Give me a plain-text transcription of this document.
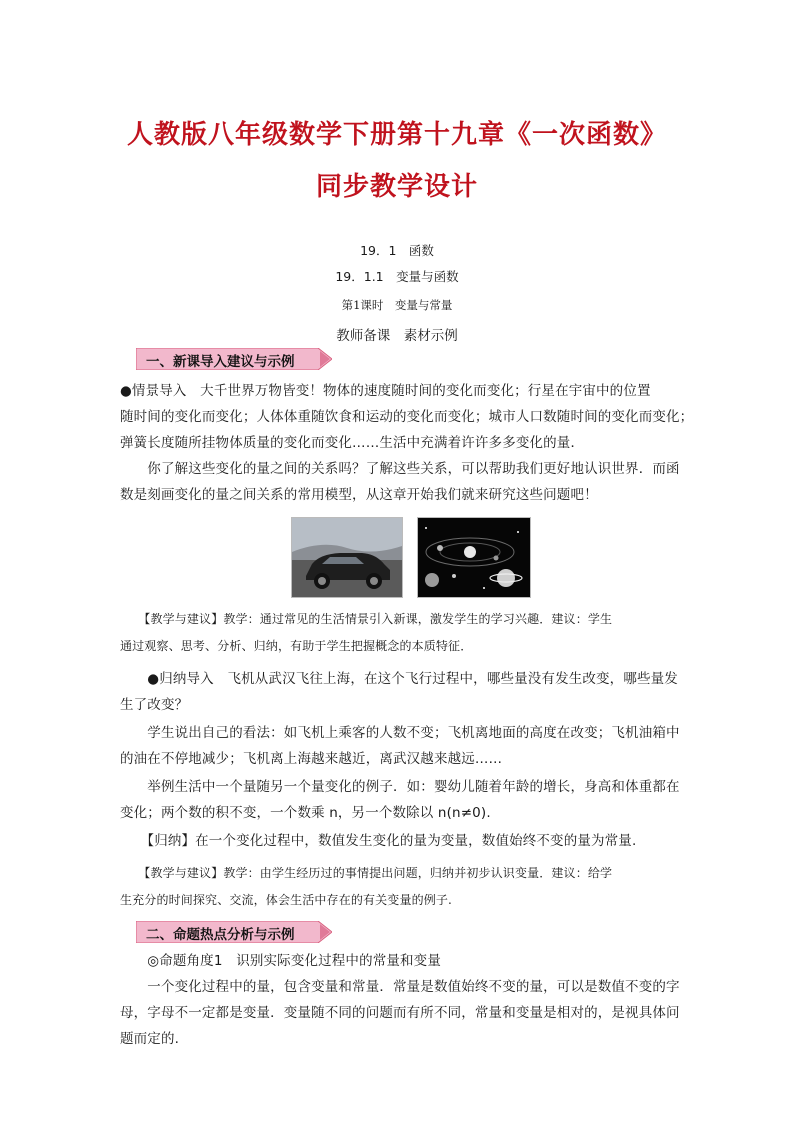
人教版八年级数学下册第十九章《一次函数》
同步教学设计
19．1　函数
19．1.1　变量与函数
第1课时　变量与常量
教师备课　素材示例
一、新课导入建议与示例
●情景导入　大千世界万物皆变！物体的速度随时间的变化而变化；行星在宇宙中的位置
随时间的变化而变化；人体体重随饮食和运动的变化而变化；城市人口数随时间的变化而变化；
弹簧长度随所挂物体质量的变化而变化……生活中充满着许许多多变化的量．
　　你了解这些变化的量之间的关系吗？了解这些关系，可以帮助我们更好地认识世界．而函
数是刻画变化的量之间关系的常用模型，从这章开始我们就来研究这些问题吧！
　　【教学与建议】教学：通过常见的生活情景引入新课，激发学生的学习兴趣．建议：学生
通过观察、思考、分析、归纳，有助于学生把握概念的本质特征．
　　●归纳导入　飞机从武汉飞往上海，在这个飞行过程中，哪些量没有发生改变，哪些量发
生了改变？
　　学生说出自己的看法：如飞机上乘客的人数不变；飞机离地面的高度在改变；飞机油箱中
的油在不停地减少；飞机离上海越来越近，离武汉越来越远……
　　举例生活中一个量随另一个量变化的例子．如：婴幼儿随着年龄的增长，身高和体重都在
变化；两个数的积不变，一个数乘 n，另一个数除以 n(n≠0).
　　【归纳】在一个变化过程中，数值发生变化的量为变量，数值始终不变的量为常量.
　　【教学与建议】教学：由学生经历过的事情提出问题，归纳并初步认识变量．建议：给学
生充分的时间探究、交流，体会生活中存在的有关变量的例子.
二、命题热点分析与示例
　　◎命题角度1　识别实际变化过程中的常量和变量
　　一个变化过程中的量，包含变量和常量．常量是数值始终不变的量，可以是数值不变的字
母，字母不一定都是变量．变量随不同的问题而有所不同，常量和变量是相对的，是视具体问
题而定的.
